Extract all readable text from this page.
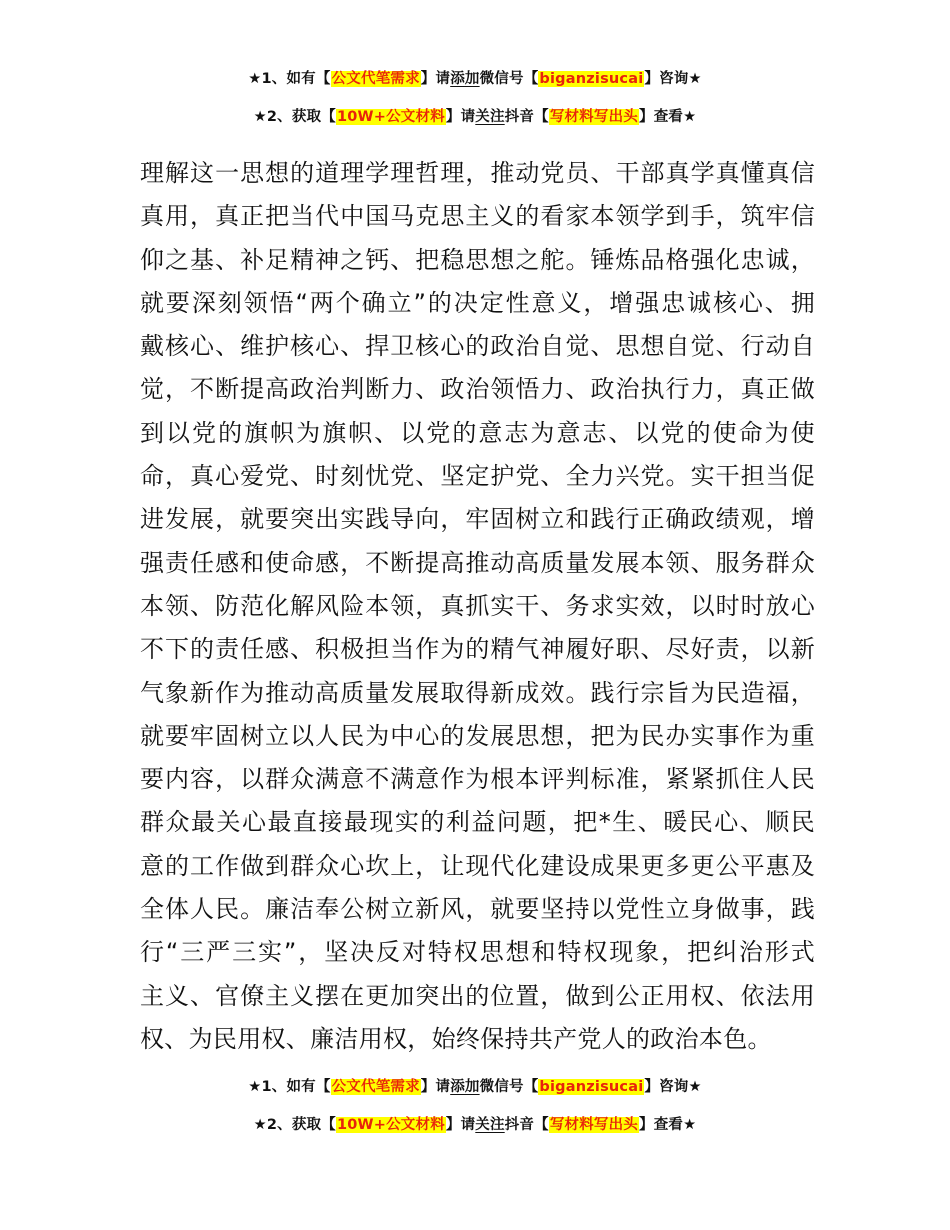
★1、如有【公文代笔需求】请添加微信号【biganzisucai】咨询★
★2、获取【10W+公文材料】请关注抖音【写材料写出头】查看★
理解这一思想的道理学理哲理，推动党员、干部真学真懂真信
真用，真正把当代中国马克思主义的看家本领学到手，筑牢信
仰之基、补足精神之钙、把稳思想之舵。锤炼品格强化忠诚，
就要深刻领悟“两个确立”的决定性意义，增强忠诚核心、拥
戴核心、维护核心、捍卫核心的政治自觉、思想自觉、行动自
觉，不断提高政治判断力、政治领悟力、政治执行力，真正做
到以党的旗帜为旗帜、以党的意志为意志、以党的使命为使
命，真心爱党、时刻忧党、坚定护党、全力兴党。实干担当促
进发展，就要突出实践导向，牢固树立和践行正确政绩观，增
强责任感和使命感，不断提高推动高质量发展本领、服务群众
本领、防范化解风险本领，真抓实干、务求实效，以时时放心
不下的责任感、积极担当作为的精气神履好职、尽好责，以新
气象新作为推动高质量发展取得新成效。践行宗旨为民造福，
就要牢固树立以人民为中心的发展思想，把为民办实事作为重
要内容，以群众满意不满意作为根本评判标准，紧紧抓住人民
群众最关心最直接最现实的利益问题，把*生、暖民心、顺民
意的工作做到群众心坎上，让现代化建设成果更多更公平惠及
全体人民。廉洁奉公树立新风，就要坚持以党性立身做事，践
行“三严三实”，坚决反对特权思想和特权现象，把纠治形式
主义、官僚主义摆在更加突出的位置，做到公正用权、依法用
权、为民用权、廉洁用权，始终保持共产党人的政治本色。
★1、如有【公文代笔需求】请添加微信号【biganzisucai】咨询★
★2、获取【10W+公文材料】请关注抖音【写材料写出头】查看★
